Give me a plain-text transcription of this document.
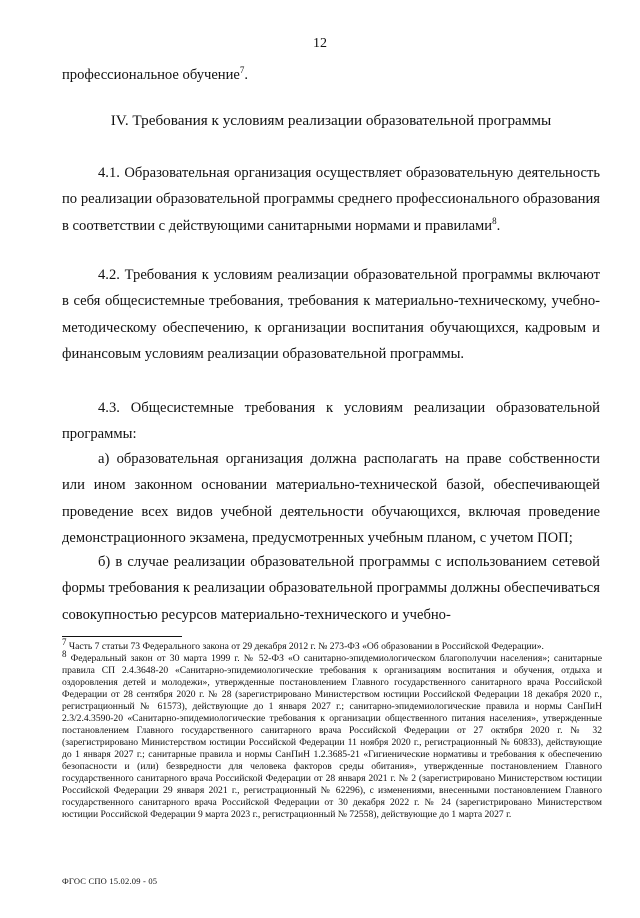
12

профессиональное обучение$^7$.

IV. Требования к условиям реализации образовательной программы

4.1. Образовательная организация осуществляет образовательную деятельность по реализации образовательной программы среднего профессионального образования в соответствии с действующими санитарными нормами и правилами$^8$.

4.2. Требования к условиям реализации образовательной программы включают в себя общесистемные требования, требования к материально-техническому, учебно-методическому обеспечению, к организации воспитания обучающихся, кадровым и финансовым условиям реализации образовательной программы.

4.3. Общесистемные требования к условиям реализации образовательной программы:

а) образовательная организация должна располагать на праве собственности или ином законном основании материально-технической базой, обеспечивающей проведение всех видов учебной деятельности обучающихся, включая проведение демонстрационного экзамена, предусмотренных учебным планом, с учетом ПОП;

б) в случае реализации образовательной программы с использованием сетевой формы требования к реализации образовательной программы должны обеспечиваться совокупностью ресурсов материально-технического и учебно-

$^7$ Часть 7 статьи 73 Федерального закона от 29 декабря 2012 г. № 273-ФЗ «Об образовании в Российской Федерации».

$^8$ Федеральный закон от 30 марта 1999 г. № 52-ФЗ «О санитарно-эпидемиологическом благополучии населения»; санитарные правила СП 2.4.3648-20 «Санитарно-эпидемиологические требования к организациям воспитания и обучения, отдыха и оздоровления детей и молодежи», утвержденные постановлением Главного государственного санитарного врача Российской Федерации от 28 сентября 2020 г. № 28 (зарегистрировано Министерством юстиции Российской Федерации 18 декабря 2020 г., регистрационный № 61573), действующие до 1 января 2027 г.; санитарно-эпидемиологические правила и нормы СанПиН 2.3/2.4.3590-20 «Санитарно-эпидемиологические требования к организации общественного питания населения», утвержденные постановлением Главного государственного санитарного врача Российской Федерации от 27 октября 2020 г. № 32 (зарегистрировано Министерством юстиции Российской Федерации 11 ноября 2020 г., регистрационный № 60833), действующие до 1 января 2027 г.; санитарные правила и нормы СанПиН 1.2.3685-21 «Гигиенические нормативы и требования к обеспечению безопасности и (или) безвредности для человека факторов среды обитания», утвержденные постановлением Главного государственного санитарного врача Российской Федерации от 28 января 2021 г. № 2 (зарегистрировано Министерством юстиции Российской Федерации 29 января 2021 г., регистрационный № 62296), с изменениями, внесенными постановлением Главного государственного санитарного врача Российской Федерации от 30 декабря 2022 г. № 24 (зарегистрировано Министерством юстиции Российской Федерации 9 марта 2023 г., регистрационный № 72558), действующие до 1 марта 2027 г.

ФГОС СПО 15.02.09 - 05
